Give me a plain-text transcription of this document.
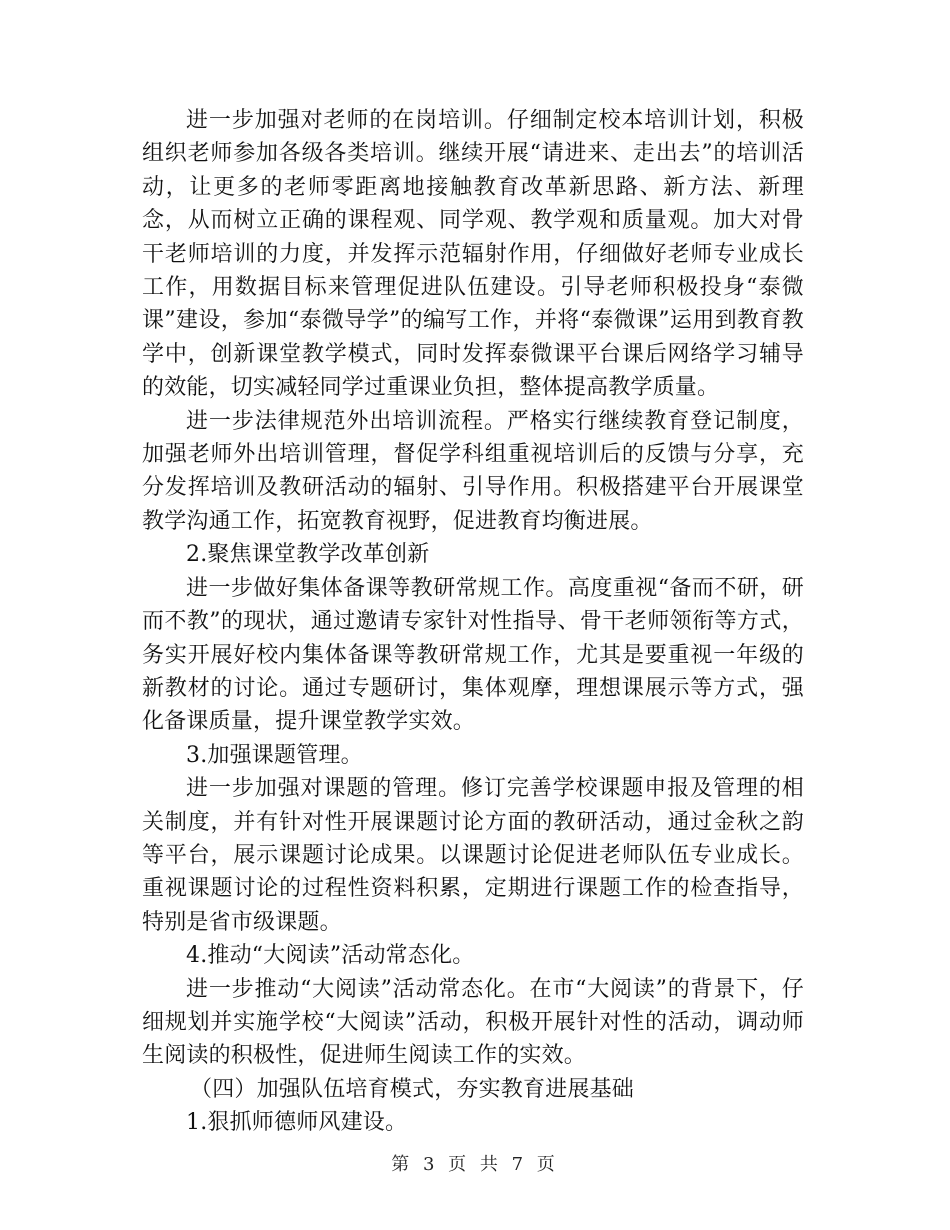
进一步加强对老师的在岗培训。仔细制定校本培训计划，积极组织老师参加各级各类培训。继续开展“请进来、走出去”的培训活动，让更多的老师零距离地接触教育改革新思路、新方法、新理念，从而树立正确的课程观、同学观、教学观和质量观。加大对骨干老师培训的力度，并发挥示范辐射作用，仔细做好老师专业成长工作，用数据目标来管理促进队伍建设。引导老师积极投身“泰微课”建设，参加“泰微导学”的编写工作，并将“泰微课”运用到教育教学中，创新课堂教学模式，同时发挥泰微课平台课后网络学习辅导的效能，切实减轻同学过重课业负担，整体提高教学质量。

进一步法律规范外出培训流程。严格实行继续教育登记制度，加强老师外出培训管理，督促学科组重视培训后的反馈与分享，充分发挥培训及教研活动的辐射、引导作用。积极搭建平台开展课堂教学沟通工作，拓宽教育视野，促进教育均衡进展。

2.聚焦课堂教学改革创新

进一步做好集体备课等教研常规工作。高度重视“备而不研，研而不教”的现状，通过邀请专家针对性指导、骨干老师领衔等方式，务实开展好校内集体备课等教研常规工作，尤其是要重视一年级的新教材的讨论。通过专题研讨，集体观摩，理想课展示等方式，强化备课质量，提升课堂教学实效。

3.加强课题管理。

进一步加强对课题的管理。修订完善学校课题申报及管理的相关制度，并有针对性开展课题讨论方面的教研活动，通过金秋之韵等平台，展示课题讨论成果。以课题讨论促进老师队伍专业成长。重视课题讨论的过程性资料积累，定期进行课题工作的检查指导，特别是省市级课题。

4.推动“大阅读”活动常态化。

进一步推动“大阅读”活动常态化。在市“大阅读”的背景下，仔细规划并实施学校“大阅读”活动，积极开展针对性的活动，调动师生阅读的积极性，促进师生阅读工作的实效。

（四）加强队伍培育模式，夯实教育进展基础

1.狠抓师德师风建设。

第 3 页 共 7 页
